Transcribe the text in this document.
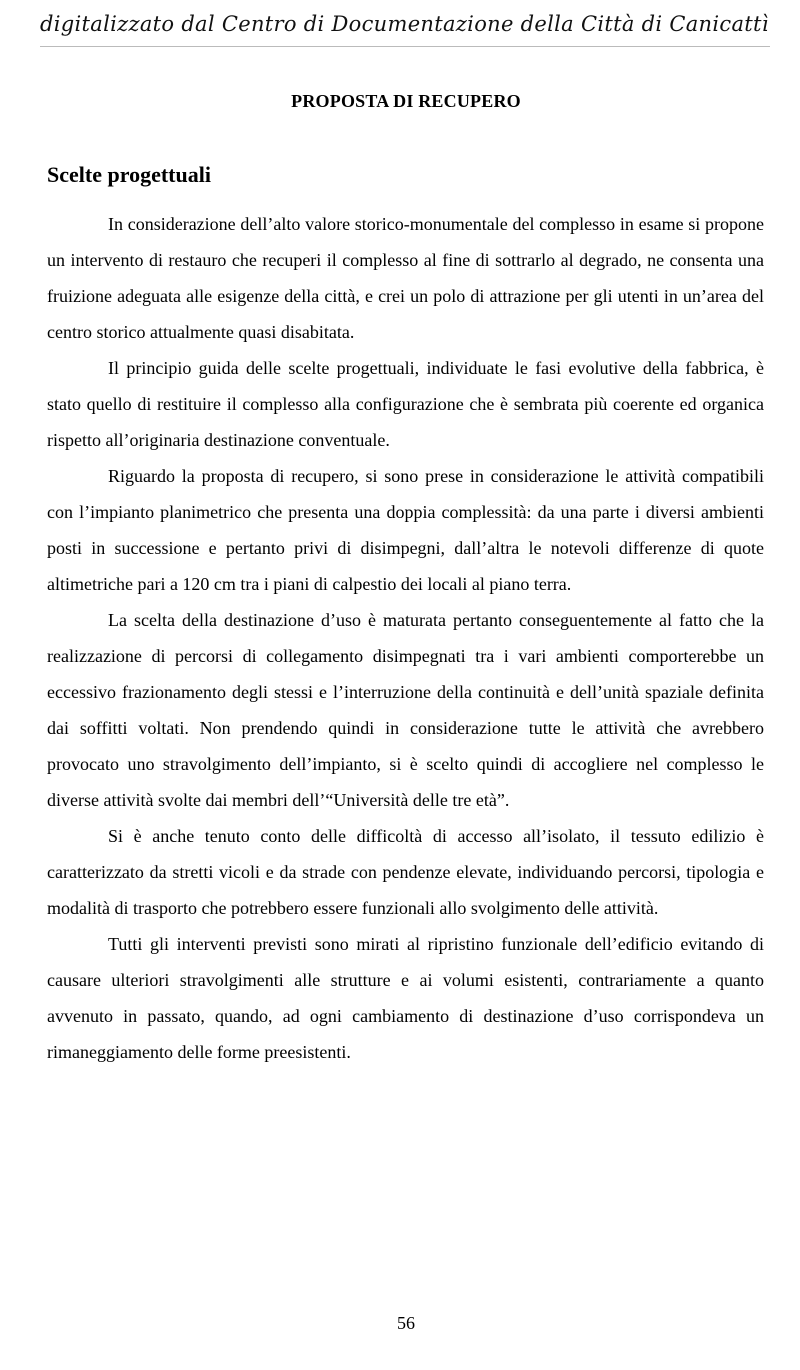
digitalizzato dal Centro di Documentazione della Città di Canicattì
PROPOSTA DI RECUPERO
Scelte progettuali

In considerazione dell’alto valore storico-monumentale del complesso in esame si propone un intervento di restauro che recuperi il complesso al fine di sottrarlo al degrado, ne consenta una fruizione adeguata alle esigenze della città, e crei un polo di attrazione per gli utenti in un’area del centro storico attualmente quasi disabitata.

Il principio guida delle scelte progettuali, individuate le fasi evolutive della fabbrica, è stato quello di restituire il complesso alla configurazione che è sembrata più coerente ed organica rispetto all’originaria destinazione conventuale.

Riguardo la proposta di recupero, si sono prese in considerazione le attività compatibili con l’impianto planimetrico che presenta una doppia complessità: da una parte i diversi ambienti posti in successione e pertanto privi di disimpegni, dall’altra le notevoli differenze di quote altimetriche pari a 120 cm tra i piani di calpestio dei locali al piano terra.

La scelta della destinazione d’uso è maturata pertanto conseguentemente al fatto che la realizzazione di percorsi di collegamento disimpegnati tra i vari ambienti comporterebbe un eccessivo frazionamento degli stessi e l’interruzione della continuità e dell’unità spaziale definita dai soffitti voltati. Non prendendo quindi in considerazione tutte le attività che avrebbero provocato uno stravolgimento dell’impianto, si è scelto quindi di accogliere nel complesso le diverse attività svolte dai membri dell’“Università delle tre età”.

Si è anche tenuto conto delle difficoltà di accesso all’isolato, il tessuto edilizio è caratterizzato da stretti vicoli e da strade con pendenze elevate, individuando percorsi, tipologia e modalità di trasporto che potrebbero essere funzionali allo svolgimento delle attività.

Tutti gli interventi previsti sono mirati al ripristino funzionale dell’edificio evitando di causare ulteriori stravolgimenti alle strutture e ai volumi esistenti, contrariamente a quanto avvenuto in passato, quando, ad ogni cambiamento di destinazione d’uso corrispondeva un rimaneggiamento delle forme preesistenti.

56
